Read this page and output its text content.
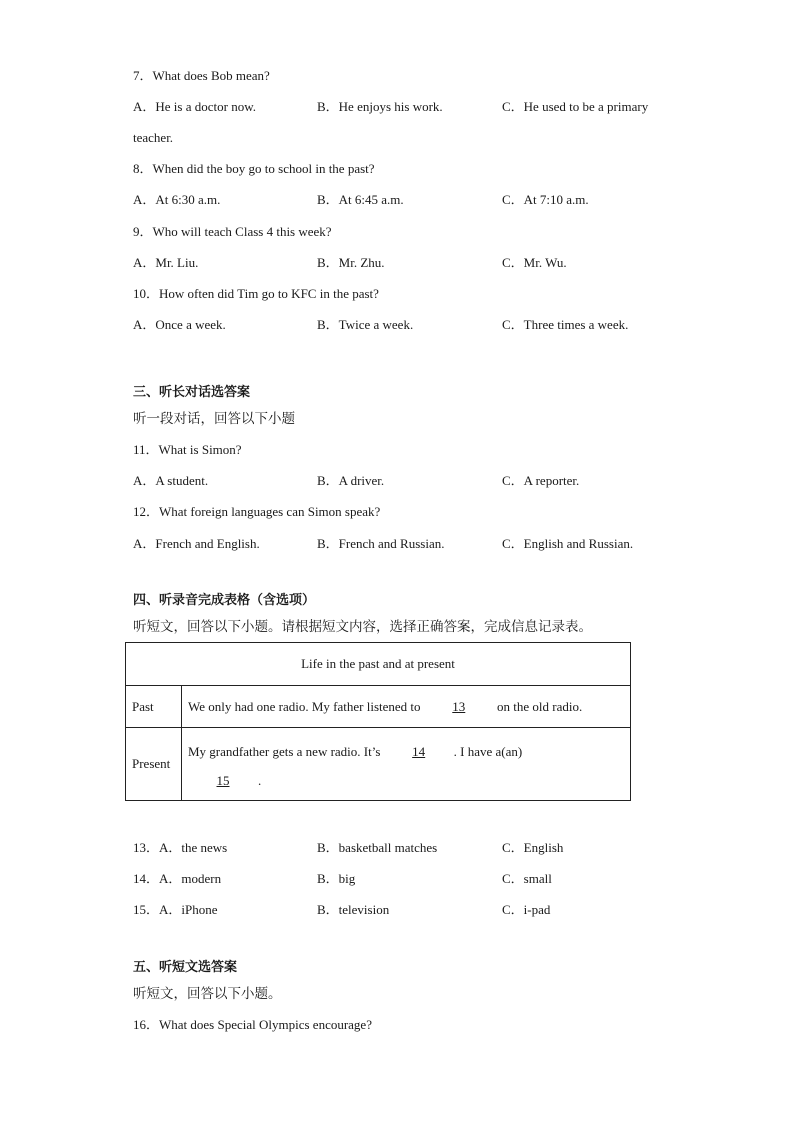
7．What does Bob mean?
A．He is a doctor now.	B．He enjoys his work.	C．He used to be a primary
teacher.
8．When did the boy go to school in the past?
A．At 6:30 a.m.	B．At 6:45 a.m.	C．At 7:10 a.m.
9．Who will teach Class 4 this week?
A．Mr. Liu.	B．Mr. Zhu.	C．Mr. Wu.
10．How often did Tim go to KFC in the past?
A．Once a week.	B．Twice a week.	C．Three times a week.
三、听长对话选答案
听一段对话，回答以下小题
11．What is Simon?
A．A student.	B．A driver.	C．A reporter.
12．What foreign languages can Simon speak?
A．French and English.	B．French and Russian.	C．English and Russian.
四、听录音完成表格（含选项）
听短文，回答以下小题。请根据短文内容，选择正确答案，完成信息记录表。
Life in the past and at present	
Past	We only had one radio. My father listened to 13 on the old radio.
Present	My grandfather gets a new radio. It’s 14 . I have a(an)
15 .
13．A．the news	B．basketball matches	C．English
14．A．modern	B．big	C．small
15．A．iPhone	B．television	C．i-pad
五、听短文选答案
听短文，回答以下小题。
16．What does Special Olympics encourage?
